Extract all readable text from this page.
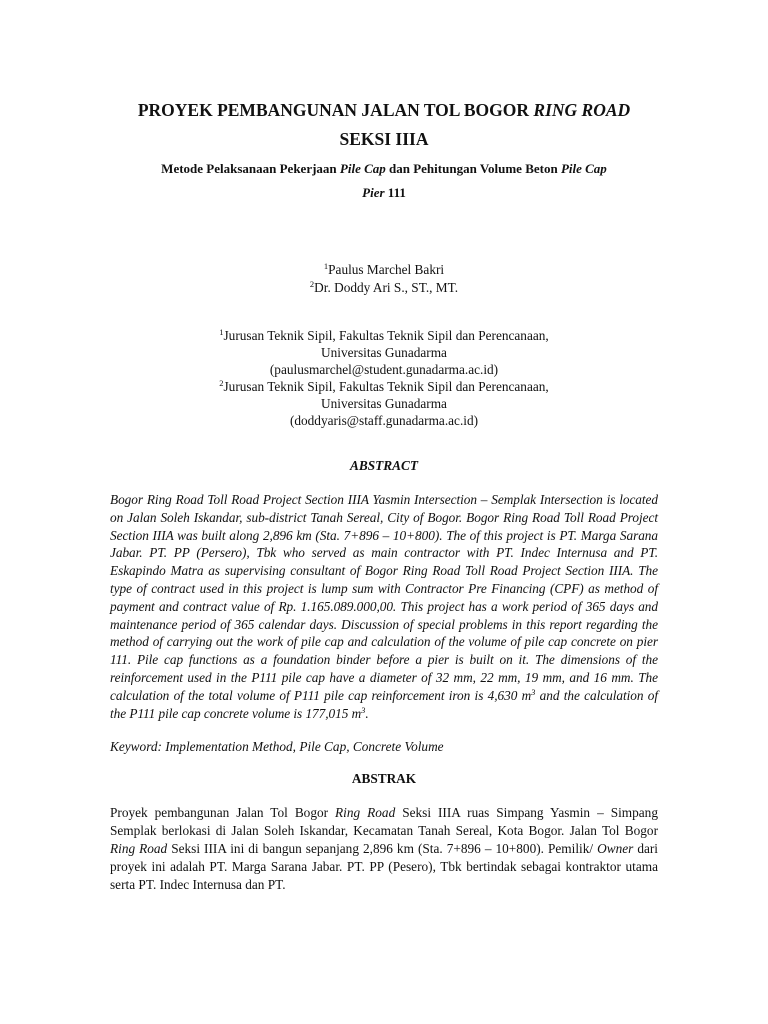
PROYEK PEMBANGUNAN JALAN TOL BOGOR RING ROAD
SEKSI IIIA
Metode Pelaksanaan Pekerjaan Pile Cap dan Pehitungan Volume Beton Pile Cap
Pier 111
$^1$Paulus Marchel Bakri
$^2$Dr. Doddy Ari S., ST., MT.
$^1$Jurusan Teknik Sipil, Fakultas Teknik Sipil dan Perencanaan,
Universitas Gunadarma
(paulusmarchel@student.gunadarma.ac.id)
$^2$Jurusan Teknik Sipil, Fakultas Teknik Sipil dan Perencanaan,
Universitas Gunadarma
(doddyaris@staff.gunadarma.ac.id)
ABSTRACT
Bogor Ring Road Toll Road Project Section IIIA Yasmin Intersection – Semplak Intersection is located on Jalan Soleh Iskandar, sub-district Tanah Sereal, City of Bogor. Bogor Ring Road Toll Road Project Section IIIA was built along 2,896 km (Sta. 7+896 – 10+800). The of this project is PT. Marga Sarana Jabar. PT. PP (Persero), Tbk who served as main contractor with PT. Indec Internusa and PT. Eskapindo Matra as supervising consultant of Bogor Ring Road Toll Road Project Section IIIA. The type of contract used in this project is lump sum with Contractor Pre Financing (CPF) as method of payment and contract value of Rp. 1.165.089.000,00. This project has a work period of 365 days and maintenance period of 365 calendar days. Discussion of special problems in this report regarding the method of carrying out the work of pile cap and calculation of the volume of pile cap concrete on pier 111. Pile cap functions as a foundation binder before a pier is built on it. The dimensions of the reinforcement used in the P111 pile cap have a diameter of 32 mm, 22 mm, 19 mm, and 16 mm. The calculation of the total volume of P111 pile cap reinforcement iron is 4,630 $m^3$ and the calculation of the P111 pile cap concrete volume is 177,015 $m^3$.
Keyword: Implementation Method, Pile Cap, Concrete Volume
ABSTRAK
Proyek pembangunan Jalan Tol Bogor Ring Road Seksi IIIA ruas Simpang Yasmin – Simpang Semplak berlokasi di Jalan Soleh Iskandar, Kecamatan Tanah Sereal, Kota Bogor. Jalan Tol Bogor Ring Road Seksi IIIA ini di bangun sepanjang 2,896 km (Sta. 7+896 – 10+800). Pemilik/ Owner dari proyek ini adalah PT. Marga Sarana Jabar. PT. PP (Pesero), Tbk bertindak sebagai kontraktor utama serta PT. Indec Internusa dan PT.
